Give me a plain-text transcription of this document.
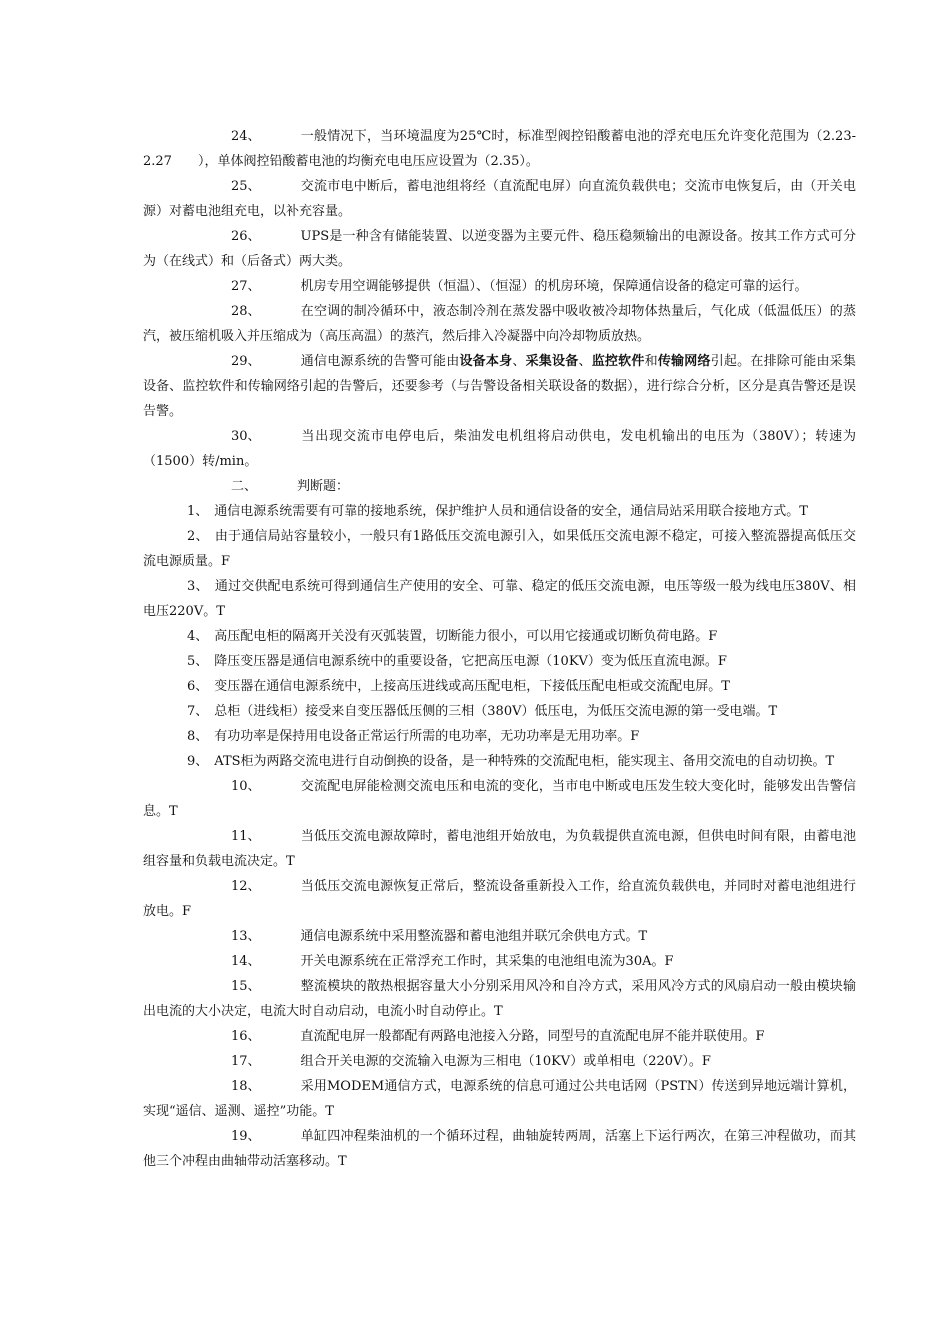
24、	一般情况下，当环境温度为25℃时，标准型阀控铅酸蓄电池的浮充电压允许变化范围为（2.23-2.27　　），单体阀控铅酸蓄电池的均衡充电电压应设置为（2.35）。

25、	交流市电中断后，蓄电池组将经（直流配电屏）向直流负载供电；交流市电恢复后，由（开关电源）对蓄电池组充电，以补充容量。

26、	UPS是一种含有储能装置、以逆变器为主要元件、稳压稳频输出的电源设备。按其工作方式可分为（在线式）和（后备式）两大类。

27、	机房专用空调能够提供（恒温）、（恒湿）的机房环境，保障通信设备的稳定可靠的运行。

28、	在空调的制冷循环中，液态制冷剂在蒸发器中吸收被冷却物体热量后，气化成（低温低压）的蒸汽，被压缩机吸入并压缩成为（高压高温）的蒸汽，然后排入冷凝器中向冷却物质放热。

29、	通信电源系统的告警可能由设备本身、采集设备、监控软件和传输网络引起。在排除可能由采集设备、监控软件和传输网络引起的告警后，还要参考（与告警设备相关联设备的数据），进行综合分析，区分是真告警还是误告警。

30、	当出现交流市电停电后，柴油发电机组将启动供电，发电机输出的电压为（380V）；转速为（1500）转/min。

二、	判断题：

1、 通信电源系统需要有可靠的接地系统，保护维护人员和通信设备的安全，通信局站采用联合接地方式。T

2、 由于通信局站容量较小，一般只有1路低压交流电源引入，如果低压交流电源不稳定，可接入整流器提高低压交流电源质量。F

3、 通过交供配电系统可得到通信生产使用的安全、可靠、稳定的低压交流电源，电压等级一般为线电压380V、相电压220V。T

4、 高压配电柜的隔离开关没有灭弧装置，切断能力很小，可以用它接通或切断负荷电路。F

5、 降压变压器是通信电源系统中的重要设备，它把高压电源（10KV）变为低压直流电源。F

6、 变压器在通信电源系统中，上接高压进线或高压配电柜，下接低压配电柜或交流配电屏。T

7、 总柜（进线柜）接受来自变压器低压侧的三相（380V）低压电，为低压交流电源的第一受电端。T

8、 有功功率是保持用电设备正常运行所需的电功率，无功功率是无用功率。F

9、 ATS柜为两路交流电进行自动倒换的设备，是一种特殊的交流配电柜，能实现主、备用交流电的自动切换。T

10、	交流配电屏能检测交流电压和电流的变化，当市电中断或电压发生较大变化时，能够发出告警信息。T

11、	当低压交流电源故障时，蓄电池组开始放电，为负载提供直流电源，但供电时间有限，由蓄电池组容量和负载电流决定。T

12、	当低压交流电源恢复正常后，整流设备重新投入工作，给直流负载供电，并同时对蓄电池组进行放电。F

13、	通信电源系统中采用整流器和蓄电池组并联冗余供电方式。T

14、	开关电源系统在正常浮充工作时，其采集的电池组电流为30A。F

15、	整流模块的散热根据容量大小分别采用风冷和自冷方式，采用风冷方式的风扇启动一般由模块输出电流的大小决定，电流大时自动启动，电流小时自动停止。T

16、	直流配电屏一般都配有两路电池接入分路，同型号的直流配电屏不能并联使用。F

17、	组合开关电源的交流输入电源为三相电（10KV）或单相电（220V）。F

18、	采用MODEM通信方式，电源系统的信息可通过公共电话网（PSTN）传送到异地远端计算机，实现“遥信、遥测、遥控”功能。T

19、	单缸四冲程柴油机的一个循环过程，曲轴旋转两周，活塞上下运行两次，在第三冲程做功，而其他三个冲程由曲轴带动活塞移动。T
